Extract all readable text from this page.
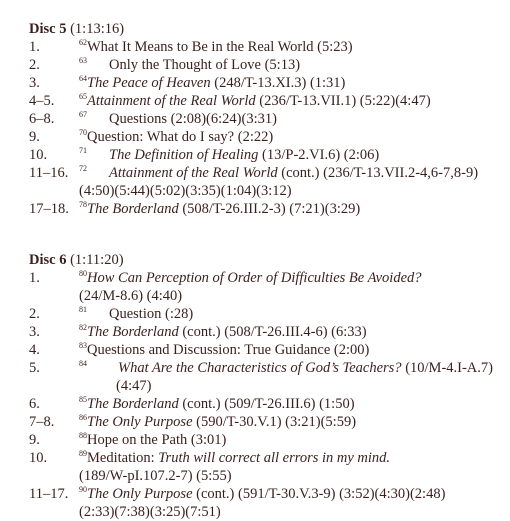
Disc 5 (1:13:16)
1.	$^{62}$What It Means to Be in the Real World (5:23)
2.	$^{63}$ Only the Thought of Love (5:13)
3.	$^{64}$The Peace of Heaven (248/T-13.XI.3) (1:31)
4–5.	$^{65}$Attainment of the Real World (236/T-13.VII.1) (5:22)(4:47)
6–8.	$^{67}$ Questions (2:08)(6:24)(3:31)
9.	$^{70}$Question: What do I say? (2:22)
10.	$^{71}$ The Definition of Healing (13/P-2.VI.6) (2:06)
11–16.	$^{72}$ Attainment of the Real World (cont.) (236/T-13.VII.2-4,6-7,8-9)
(4:50)(5:44)(5:02)(3:35)(1:04)(3:12)
17–18.	$^{78}$The Borderland (508/T-26.III.2-3) (7:21)(3:29)
Disc 6 (1:11:20)
1.	$^{80}$How Can Perception of Order of Difficulties Be Avoided?
(24/M-8.6) (4:40)
2.	$^{81}$ Question (:28)
3.	$^{82}$The Borderland (cont.) (508/T-26.III.4-6) (6:33)
4.	$^{83}$Questions and Discussion: True Guidance (2:00)
5.	$^{84}$ What Are the Characteristics of God’s Teachers? (10/M-4.I-A.7)
(4:47)
6.	$^{85}$The Borderland (cont.) (509/T-26.III.6) (1:50)
7–8.	$^{86}$The Only Purpose (590/T-30.V.1) (3:21)(5:59)
9.	$^{88}$Hope on the Path (3:01)
10.	$^{89}$Meditation: Truth will correct all errors in my mind.
(189/W-pI.107.2-7) (5:55)
11–17.	$^{90}$The Only Purpose (cont.) (591/T-30.V.3-9) (3:52)(4:30)(2:48)
(2:33)(7:38)(3:25)(7:51)
